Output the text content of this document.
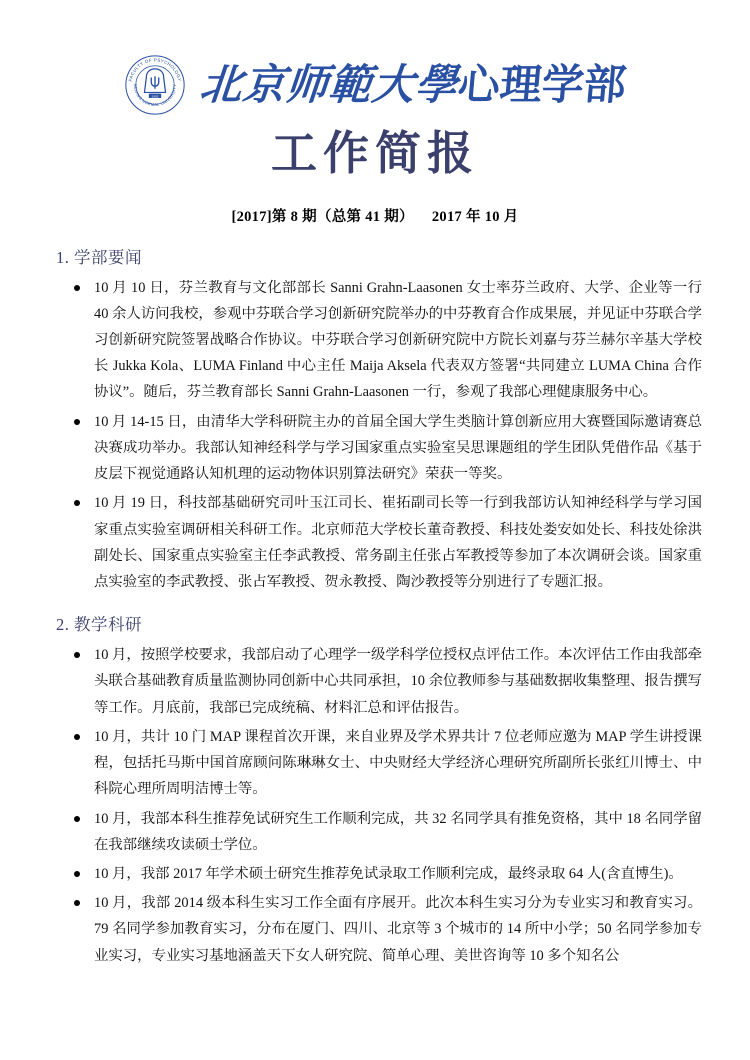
FACULTY OF PSYCHOLOGY
BEIJING NORMAL UNIVERSITY
1902 北京师範大學心理学部
工作简报
[2017]第 8 期（总第 41 期） 2017 年 10 月
1. 学部要闻
10 月 10 日，芬兰教育与文化部部长 Sanni Grahn-Laasonen 女士率芬兰政府、大学、企业等一行 40 余人访问我校，参观中芬联合学习创新研究院举办的中芬教育合作成果展，并见证中芬联合学习创新研究院签署战略合作协议。中芬联合学习创新研究院中方院长刘嘉与芬兰赫尔辛基大学校长 Jukka Kola、LUMA Finland 中心主任 Maija Aksela 代表双方签署“共同建立 LUMA China 合作协议”。随后，芬兰教育部长 Sanni Grahn-Laasonen 一行，参观了我部心理健康服务中心。
10 月 14-15 日，由清华大学科研院主办的首届全国大学生类脑计算创新应用大赛暨国际邀请赛总决赛成功举办。我部认知神经科学与学习国家重点实验室吴思课题组的学生团队凭借作品《基于皮层下视觉通路认知机理的运动物体识别算法研究》荣获一等奖。
10 月 19 日，科技部基础研究司叶玉江司长、崔拓副司长等一行到我部访认知神经科学与学习国家重点实验室调研相关科研工作。北京师范大学校长董奇教授、科技处娄安如处长、科技处徐洪副处长、国家重点实验室主任李武教授、常务副主任张占军教授等参加了本次调研会谈。国家重点实验室的李武教授、张占军教授、贺永教授、陶沙教授等分别进行了专题汇报。
2. 教学科研
10 月，按照学校要求，我部启动了心理学一级学科学位授权点评估工作。本次评估工作由我部牵头联合基础教育质量监测协同创新中心共同承担，10 余位教师参与基础数据收集整理、报告撰写等工作。月底前，我部已完成统稿、材料汇总和评估报告。
10 月，共计 10 门 MAP 课程首次开课，来自业界及学术界共计 7 位老师应邀为 MAP 学生讲授课程，包括托马斯中国首席顾问陈琳琳女士、中央财经大学经济心理研究所副所长张红川博士、中科院心理所周明洁博士等。
10 月，我部本科生推荐免试研究生工作顺利完成，共 32 名同学具有推免资格，其中 18 名同学留在我部继续攻读硕士学位。
10 月，我部 2017 年学术硕士研究生推荐免试录取工作顺利完成，最终录取 64 人(含直博生)。
10 月，我部 2014 级本科生实习工作全面有序展开。此次本科生实习分为专业实习和教育实习。79 名同学参加教育实习，分布在厦门、四川、北京等 3 个城市的 14 所中小学；50 名同学参加专业实习，专业实习基地涵盖天下女人研究院、简单心理、美世咨询等 10 多个知名公
